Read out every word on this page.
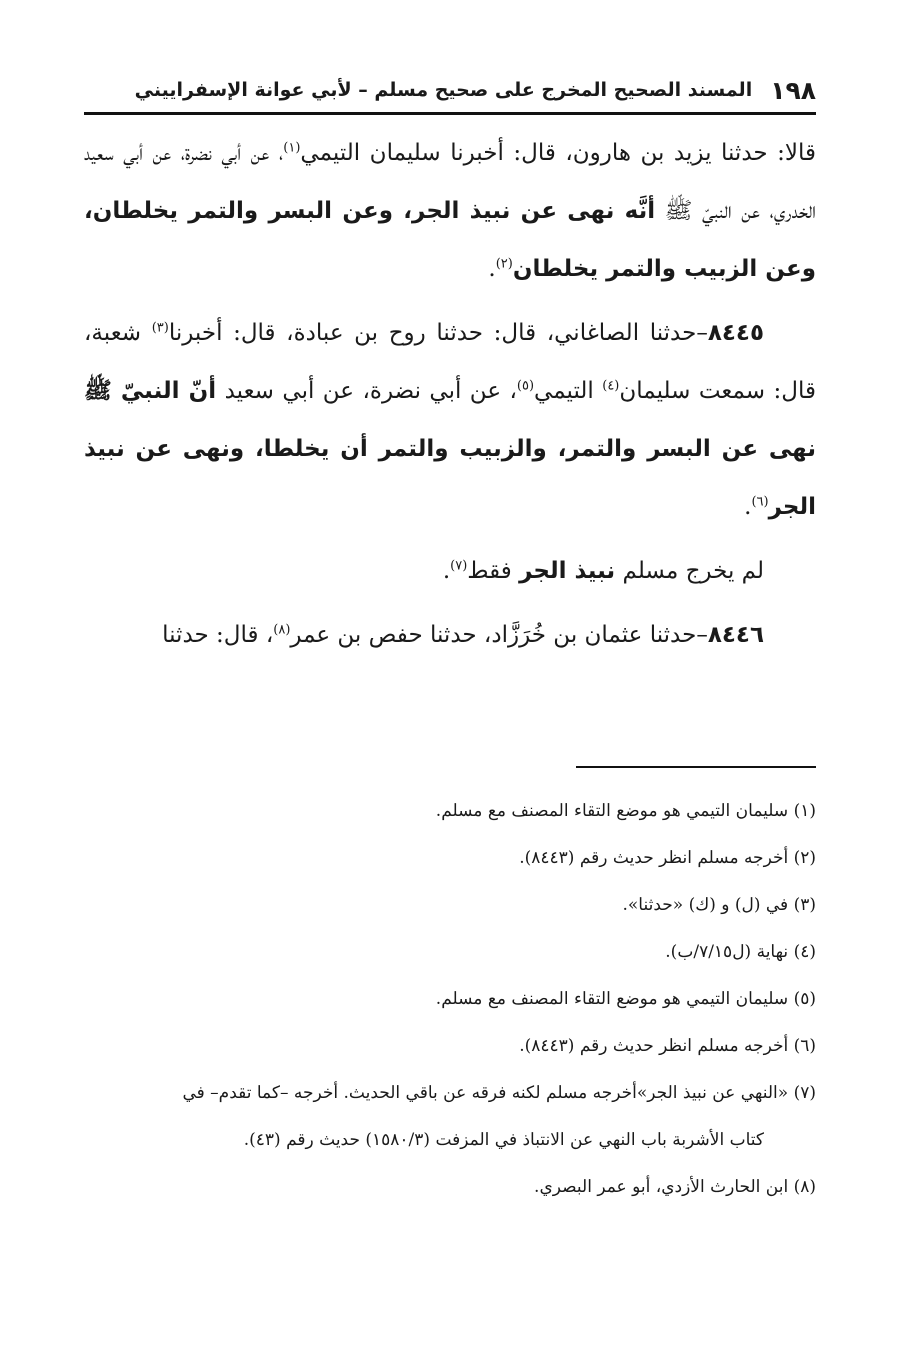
١٩٨
المسند الصحيح المخرج على صحيح مسلم – لأبي عوانة الإسفراييني

قالا: حدثنا يزيد بن هارون، قال: أخبرنا سليمان التيمي$^{(١)}$، عن أبي نضرة، عن أبي سعيد الخدري، عن النبيّ ﷺ أنَّه نهى عن نبيذ الجر، وعن البسر والتمر يخلطان، وعن الزبيب والتمر يخلطان$^{(٢)}$.

٨٤٤٥–حدثنا الصاغاني، قال: حدثنا روح بن عبادة، قال: أخبرنا$^{(٣)}$ شعبة، قال: سمعت سليمان$^{(٤)}$ التيمي$^{(٥)}$، عن أبي نضرة، عن أبي سعيد أنّ النبيّ ﷺ نهى عن البسر والتمر، والزبيب والتمر أن يخلطا، ونهى عن نبيذ الجر$^{(٦)}$.

لم يخرج مسلم نبيذ الجر فقط$^{(٧)}$.

٨٤٤٦–حدثنا عثمان بن خُرَزَّاد، حدثنا حفص بن عمر$^{(٨)}$، قال: حدثنا

(١) سليمان التيمي هو موضع التقاء المصنف مع مسلم.

(٢) أخرجه مسلم انظر حديث رقم (٨٤٤٣).

(٣) في (ل) و (ك) «حدثنا».

(٤) نهاية (ل٧/١٥/ب).

(٥) سليمان التيمي هو موضع التقاء المصنف مع مسلم.

(٦) أخرجه مسلم انظر حديث رقم (٨٤٤٣).

(٧) «النهي عن نبيذ الجر»أخرجه مسلم لكنه فرقه عن باقي الحديث. أخرجه –كما تقدم– في

كتاب الأشربة باب النهي عن الانتباذ في المزفت (١٥٨٠/٣) حديث رقم (٤٣).

(٨) ابن الحارث الأزدي، أبو عمر البصري.
